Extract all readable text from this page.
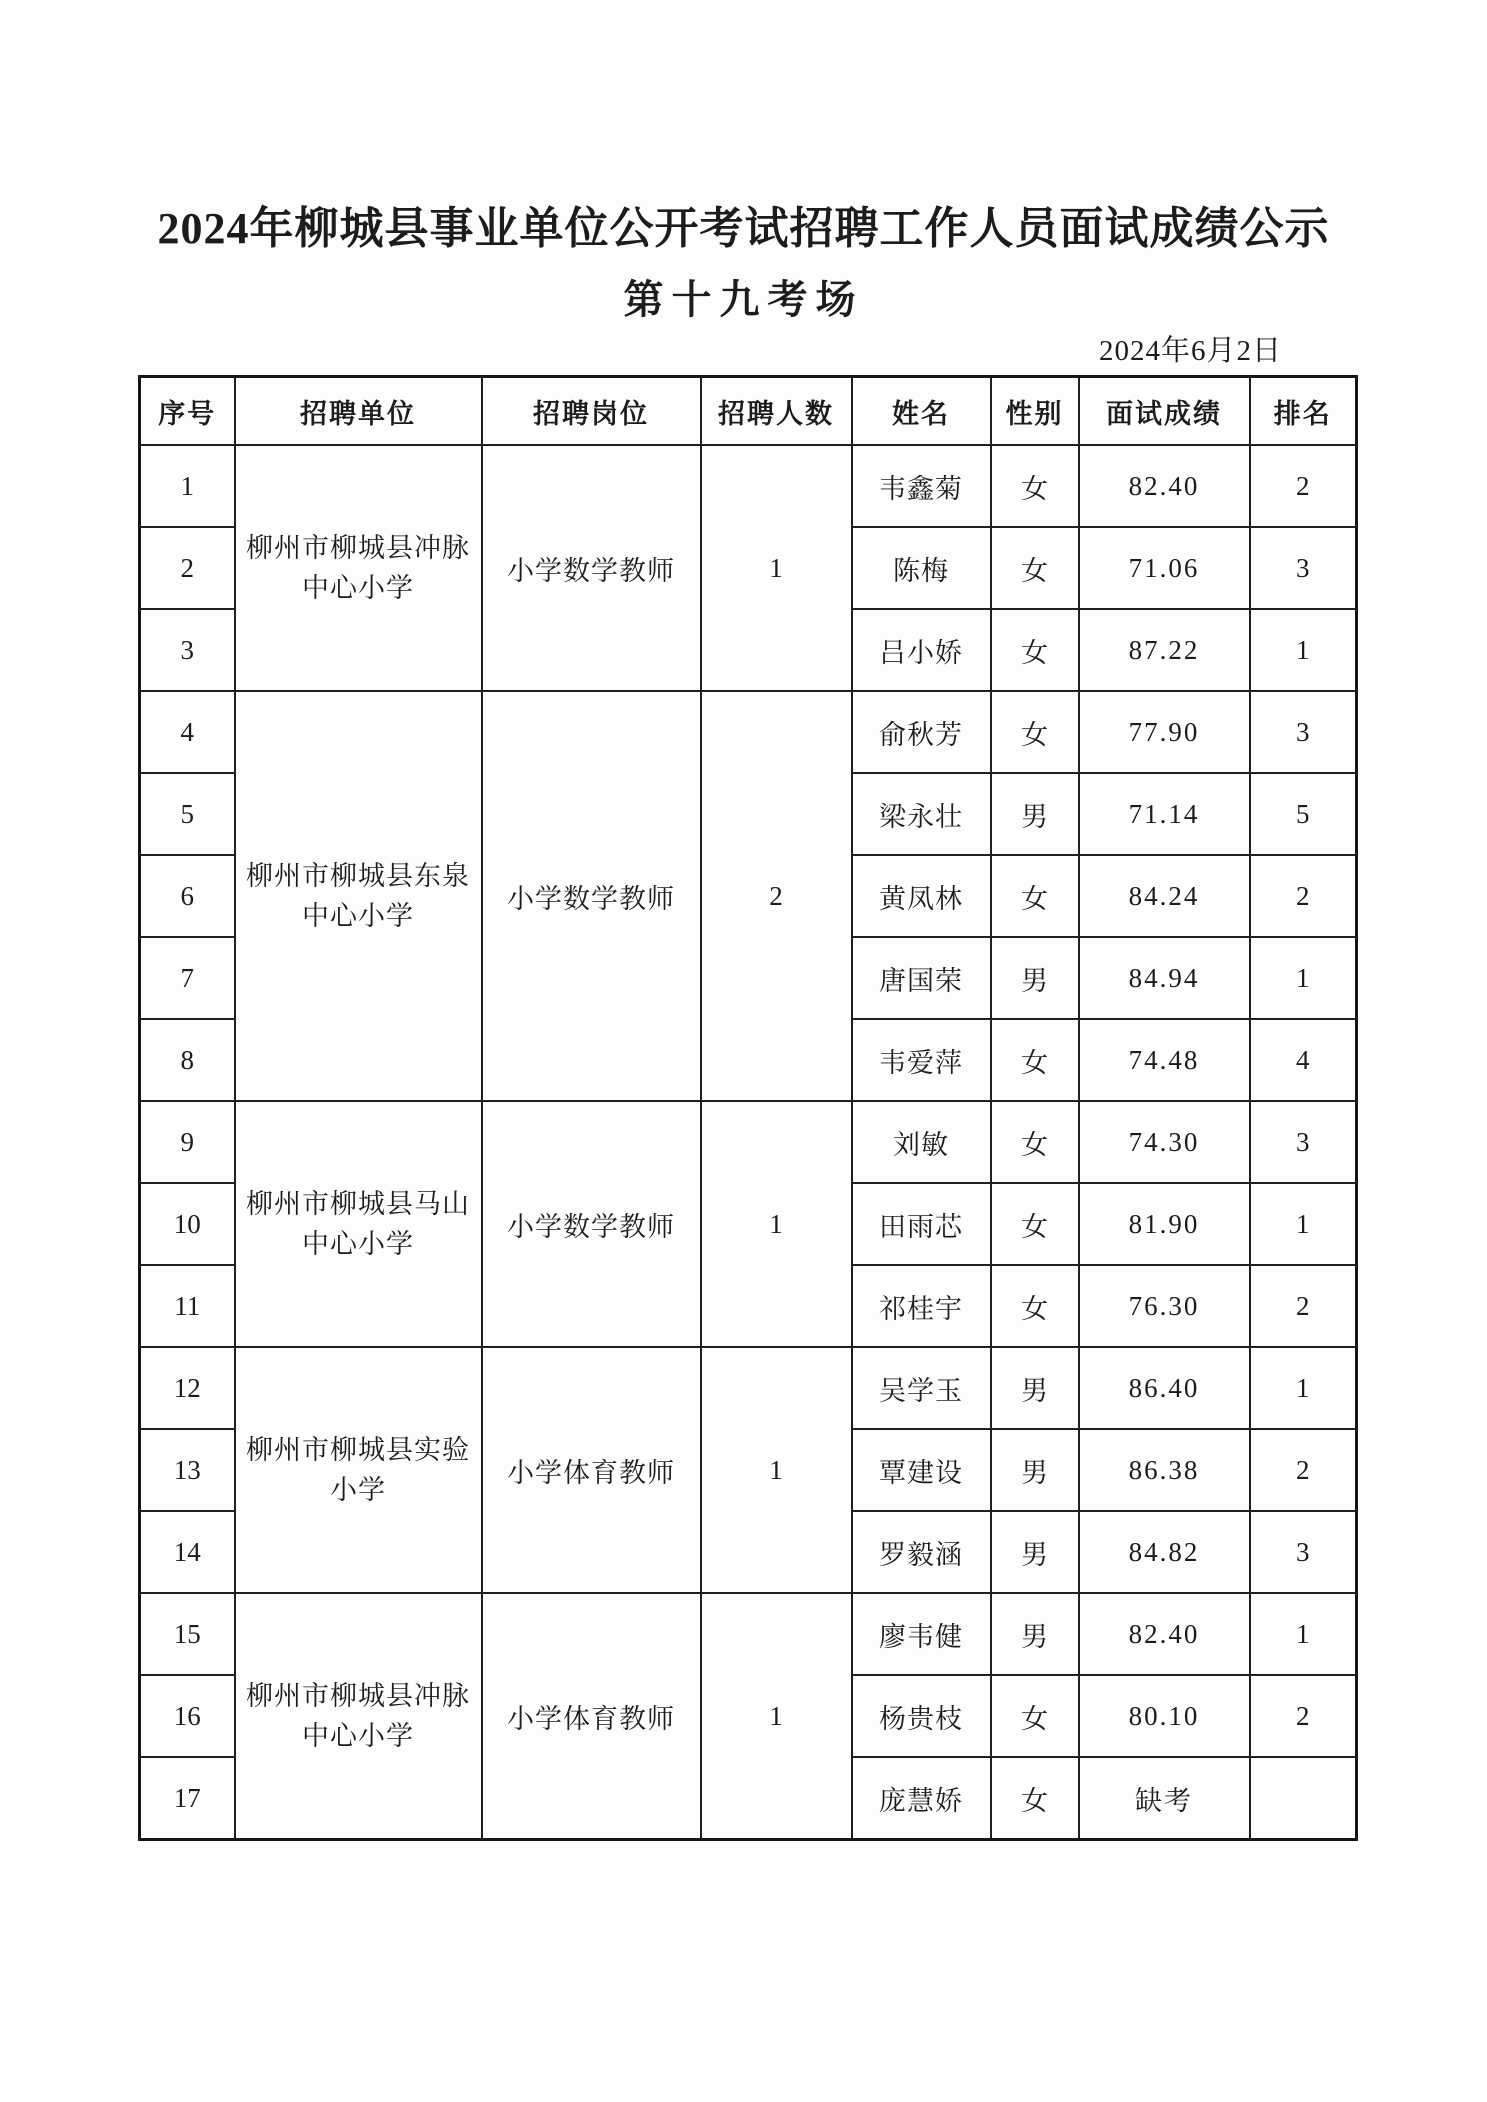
2024年柳城县事业单位公开考试招聘工作人员面试成绩公示
第十九考场
2024年6月2日
序号	招聘单位	招聘岗位	招聘人数	姓名	性别	面试成绩	排名
1	柳州市柳城县冲脉中心小学	小学数学教师	1	韦鑫菊	女	82.40	2
2				陈梅	女	71.06	3
3				吕小娇	女	87.22	1
4	柳州市柳城县东泉中心小学	小学数学教师	2	俞秋芳	女	77.90	3
5				梁永壮	男	71.14	5
6				黄凤林	女	84.24	2
7				唐国荣	男	84.94	1
8				韦爱萍	女	74.48	4
9	柳州市柳城县马山中心小学	小学数学教师	1	刘敏	女	74.30	3
10				田雨芯	女	81.90	1
11				祁桂宇	女	76.30	2
12	柳州市柳城县实验小学	小学体育教师	1	吴学玉	男	86.40	1
13				覃建设	男	86.38	2
14				罗毅涵	男	84.82	3
15	柳州市柳城县冲脉中心小学	小学体育教师	1	廖韦健	男	82.40	1
16				杨贵枝	女	80.10	2
17				庞慧娇	女	缺考	
